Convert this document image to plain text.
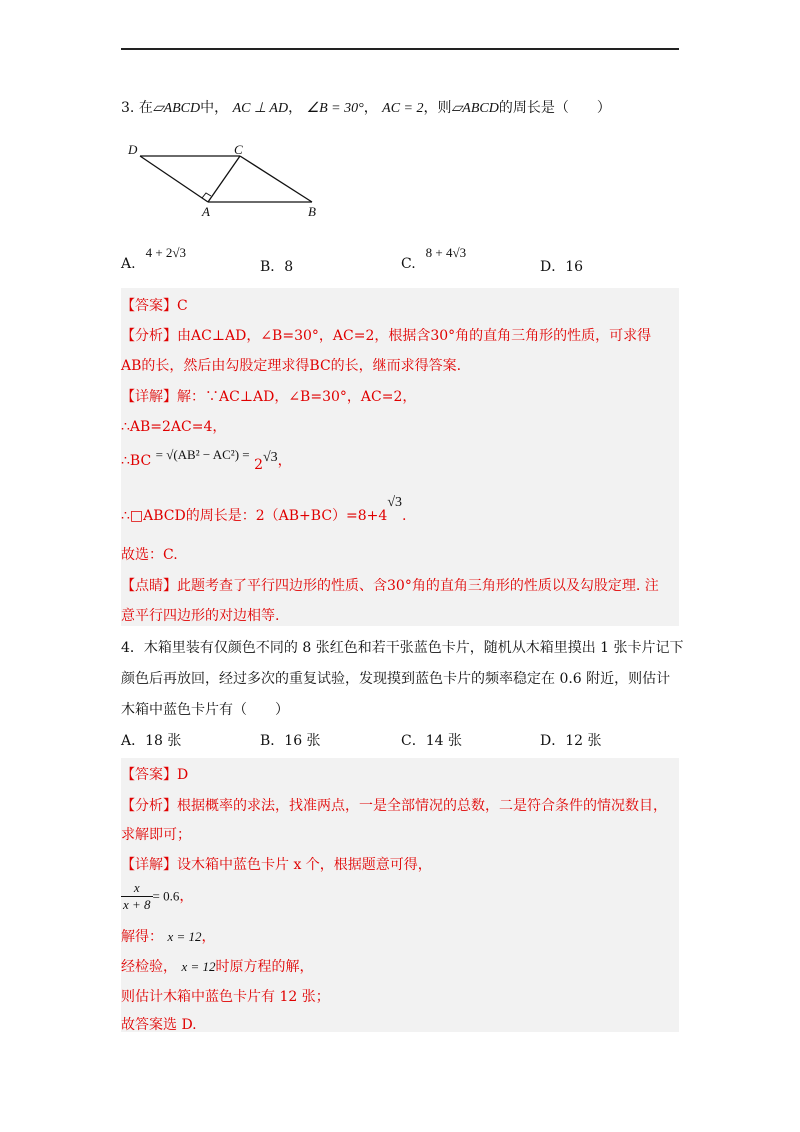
3. 在▱ABCD中， AC ⊥ AD， ∠B = 30°， AC = 2，则▱ABCD的周长是（　　）
D	C
A	B
A.4 + 2√3
B．8	C.8 + 4√3
D．16
【答案】C
【分析】由AC⊥AD，∠B=30°，AC=2，根据含30°角的直角三角形的性质，可求得
AB的长，然后由勾股定理求得BC的长，继而求得答案.
【详解】解：∵AC⊥AD，∠B=30°，AC=2，
∴AB=2AC=4，
∴BC = √(AB² − AC²) = 2√3，
∴□ABCD的周长是：2（AB+BC）=8+4√3.
故选：C.
【点睛】此题考查了平行四边形的性质、含30°角的直角三角形的性质以及勾股定理. 注
意平行四边形的对边相等.
4．木箱里装有仅颜色不同的 8 张红色和若干张蓝色卡片，随机从木箱里摸出 1 张卡片记下
颜色后再放回，经过多次的重复试验，发现摸到蓝色卡片的频率稳定在 0.6 附近，则估计
木箱中蓝色卡片有（　　）
A．18 张	B．16 张	C．14 张	D．12 张
【答案】D
【分析】根据概率的求法，找准两点，一是全部情况的总数，二是符合条件的情况数目，
求解即可；
【详解】设木箱中蓝色卡片 x 个，根据题意可得，
$\frac{x}{x + 8} = 0.6$，
解得： x = 12，
经检验， x = 12时原方程的解，
则估计木箱中蓝色卡片有 12 张；
故答案选 D.
